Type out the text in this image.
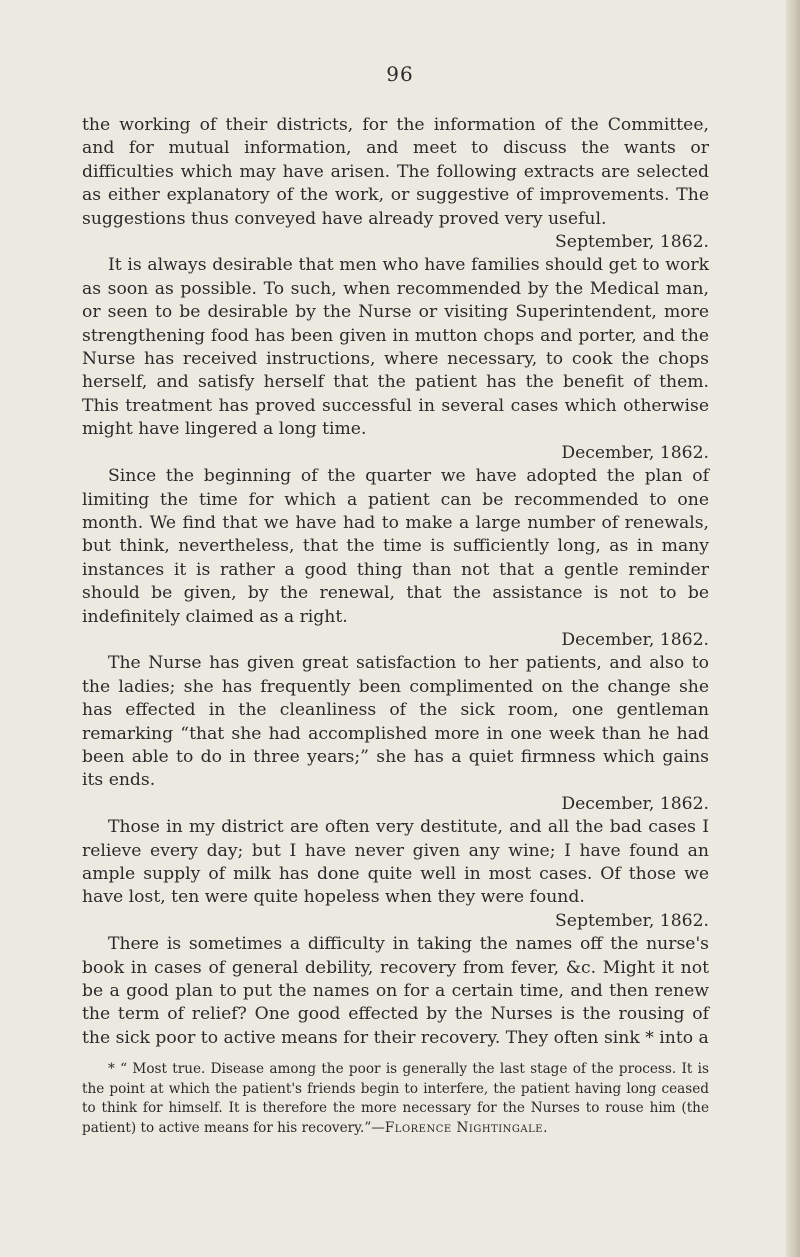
96

the working of their districts, for the information of the Committee, and for mutual information, and meet to discuss the wants or difficulties which may have arisen. The following extracts are selected as either explanatory of the work, or suggestive of improvements. The suggestions thus conveyed have already proved very useful.

September, 1862.

It is always desirable that men who have families should get to work as soon as possible. To such, when recommended by the Medical man, or seen to be desirable by the Nurse or visiting Superintendent, more strengthening food has been given in mutton chops and porter, and the Nurse has received instructions, where necessary, to cook the chops herself, and satisfy herself that the patient has the benefit of them. This treatment has proved successful in several cases which otherwise might have lingered a long time.

December, 1862.

Since the beginning of the quarter we have adopted the plan of limiting the time for which a patient can be recommended to one month. We find that we have had to make a large number of renewals, but think, nevertheless, that the time is sufficiently long, as in many instances it is rather a good thing than not that a gentle reminder should be given, by the renewal, that the assistance is not to be indefinitely claimed as a right.

December, 1862.

The Nurse has given great satisfaction to her patients, and also to the ladies; she has frequently been complimented on the change she has effected in the cleanliness of the sick room, one gentleman remarking “that she had accomplished more in one week than he had been able to do in three years;” she has a quiet firmness which gains its ends.

December, 1862.

Those in my district are often very destitute, and all the bad cases I relieve every day; but I have never given any wine; I have found an ample supply of milk has done quite well in most cases. Of those we have lost, ten were quite hopeless when they were found.

September, 1862.

There is sometimes a difficulty in taking the names off the nurse's book in cases of general debility, recovery from fever, &c. Might it not be a good plan to put the names on for a certain time, and then renew the term of relief? One good effected by the Nurses is the rousing of the sick poor to active means for their recovery. They often sink * into a

* “ Most true. Disease among the poor is generally the last stage of the process. It is the point at which the patient's friends begin to interfere, the patient having long ceased to think for himself. It is therefore the more necessary for the Nurses to rouse him (the patient) to active means for his recovery.”—Florence Nightingale.
